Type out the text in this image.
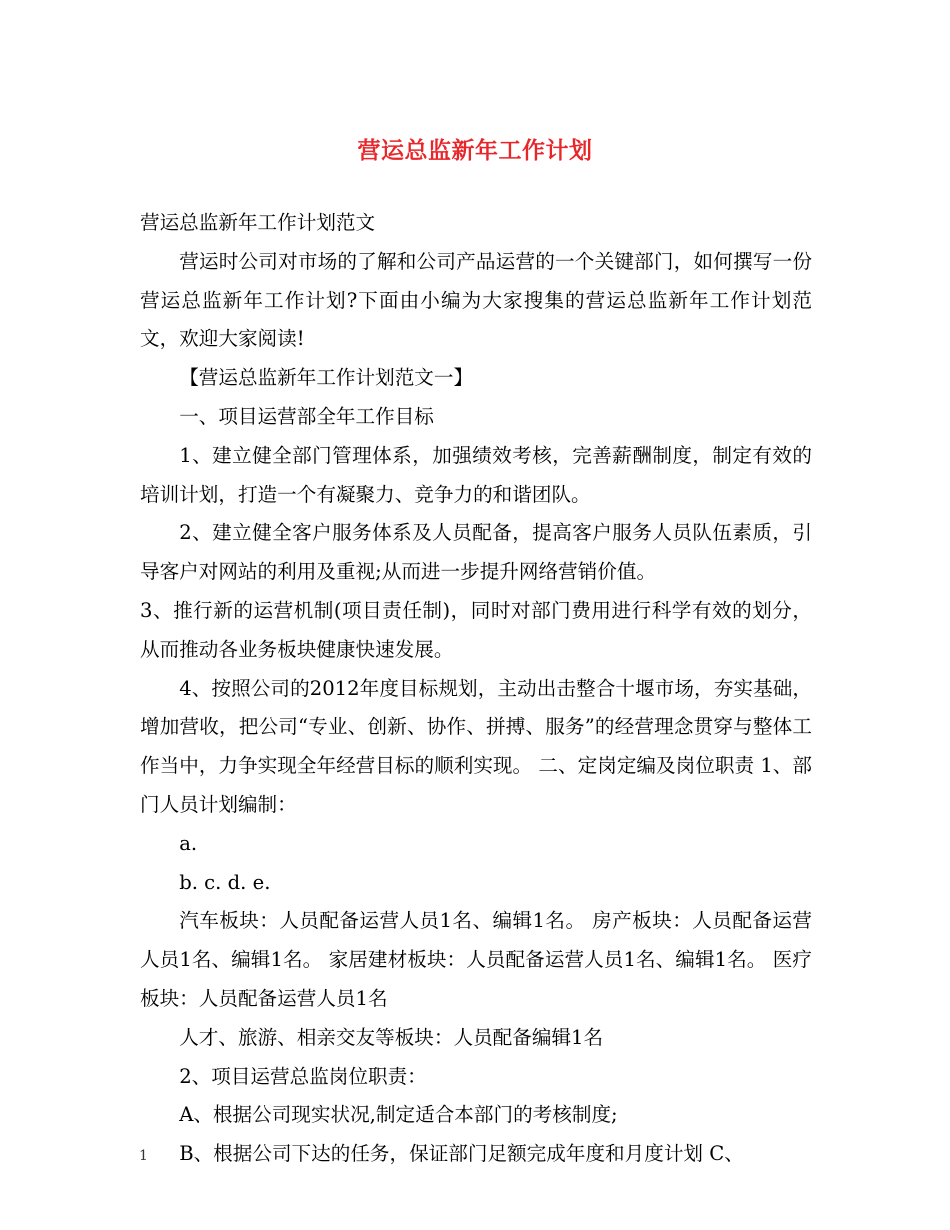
营运总监新年工作计划

营运总监新年工作计划范文

营运时公司对市场的了解和公司产品运营的一个关键部门，如何撰写一份营运总监新年工作计划?下面由小编为大家搜集的营运总监新年工作计划范文，欢迎大家阅读!

【营运总监新年工作计划范文一】

一、项目运营部全年工作目标

1、建立健全部门管理体系，加强绩效考核，完善薪酬制度，制定有效的培训计划，打造一个有凝聚力、竞争力的和谐团队。

2、建立健全客户服务体系及人员配备，提高客户服务人员队伍素质，引导客户对网站的利用及重视;从而进一步提升网络营销价值。

3、推行新的运营机制(项目责任制)，同时对部门费用进行科学有效的划分，从而推动各业务板块健康快速发展。

4、按照公司的2012年度目标规划，主动出击整合十堰市场，夯实基础，增加营收，把公司“专业、创新、协作、拼搏、服务”的经营理念贯穿与整体工作当中，力争实现全年经营目标的顺利实现。 二、定岗定编及岗位职责 1、部门人员计划编制：

a.

b. c. d. e.

汽车板块：人员配备运营人员1名、编辑1名。 房产板块：人员配备运营人员1名、编辑1名。 家居建材板块：人员配备运营人员1名、编辑1名。 医疗板块：人员配备运营人员1名

人才、旅游、相亲交友等板块：人员配备编辑1名

2、项目运营总监岗位职责：

A、根据公司现实状况,制定适合本部门的考核制度;

B、根据公司下达的任务，保证部门足额完成年度和月度计划 C、

1
